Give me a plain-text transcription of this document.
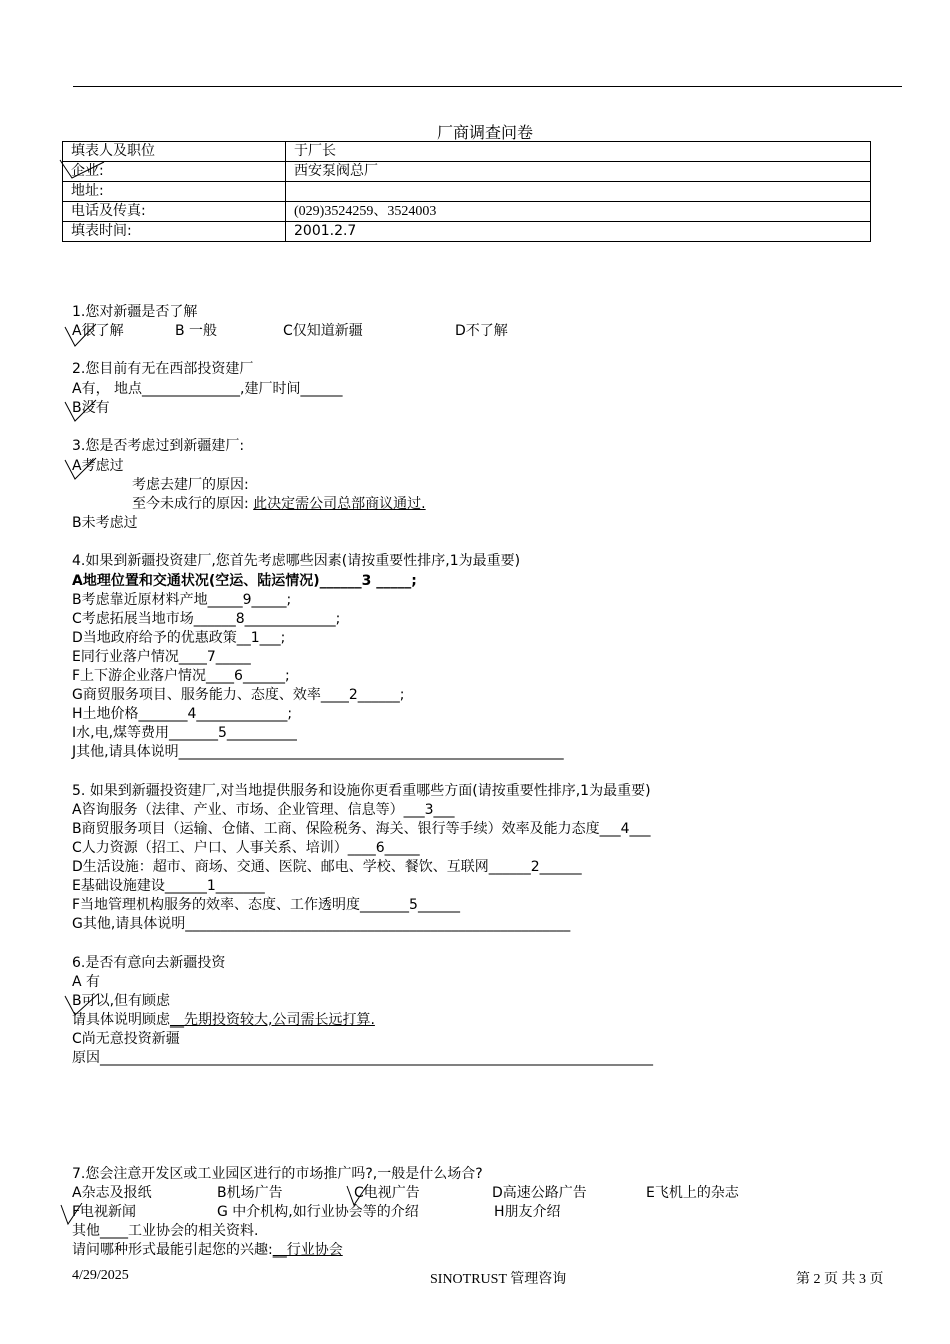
厂商调查问卷
填表人及职位	于厂长
企业:	西安泵阀总厂
地址:	
电话及传真:	(029)3524259、3524003
填表时间:	2001.2.7
1.您对新疆是否了解
A很了解	B 一般	C仅知道新疆	D不了解
2.您目前有无在西部投资建厂
A有， 地点______________,建厂时间______
B没有
3.您是否考虑过到新疆建厂:
A考虑过
考虑去建厂的原因:
至今未成行的原因: 此决定需公司总部商议通过.
B未考虑过
4.如果到新疆投资建厂,您首先考虑哪些因素(请按重要性排序,1为最重要)
A地理位置和交通状况(空运、陆运情况)______3 _____;
B考虑靠近原材料产地_____9_____;
C考虑拓展当地市场______8_____________;
D当地政府给予的优惠政策__1___;
E同行业落户情况____7_____
F上下游企业落户情况____6______;
G商贸服务项目、服务能力、态度、效率____2______;
H土地价格_______4_____________;
I水,电,煤等费用_______5__________
J其他,请具体说明_______________________________________________________
5. 如果到新疆投资建厂,对当地提供服务和设施你更看重哪些方面(请按重要性排序,1为最重要)
A咨询服务（法律、产业、市场、企业管理、信息等）___3___
B商贸服务项目（运输、仓储、工商、保险税务、海关、银行等手续）效率及能力态度___4___
C人力资源（招工、户口、人事关系、培训）____6_____
D生活设施：超市、商场、交通、医院、邮电、学校、餐饮、互联网______2______
E基础设施建设______1_______
F当地管理机构服务的效率、态度、工作透明度_______5______
G其他,请具体说明_______________________________________________________
6.是否有意向去新疆投资
A 有
B可以,但有顾虑
请具体说明顾虑__先期投资较大,公司需长远打算.
C尚无意投资新疆
原因_______________________________________________________________________________
7.您会注意开发区或工业园区进行的市场推广吗?,一般是什么场合?
A杂志及报纸	B机场广告	C电视广告	D高速公路广告	E飞机上的杂志
F电视新闻	G 中介机构,如行业协会等的介绍	H朋友介绍
其他____工业协会的相关资料.
请问哪种形式最能引起您的兴趣:__行业协会
4/29/2025	SINOTRUST 管理咨询	第 2 页 共 3 页
